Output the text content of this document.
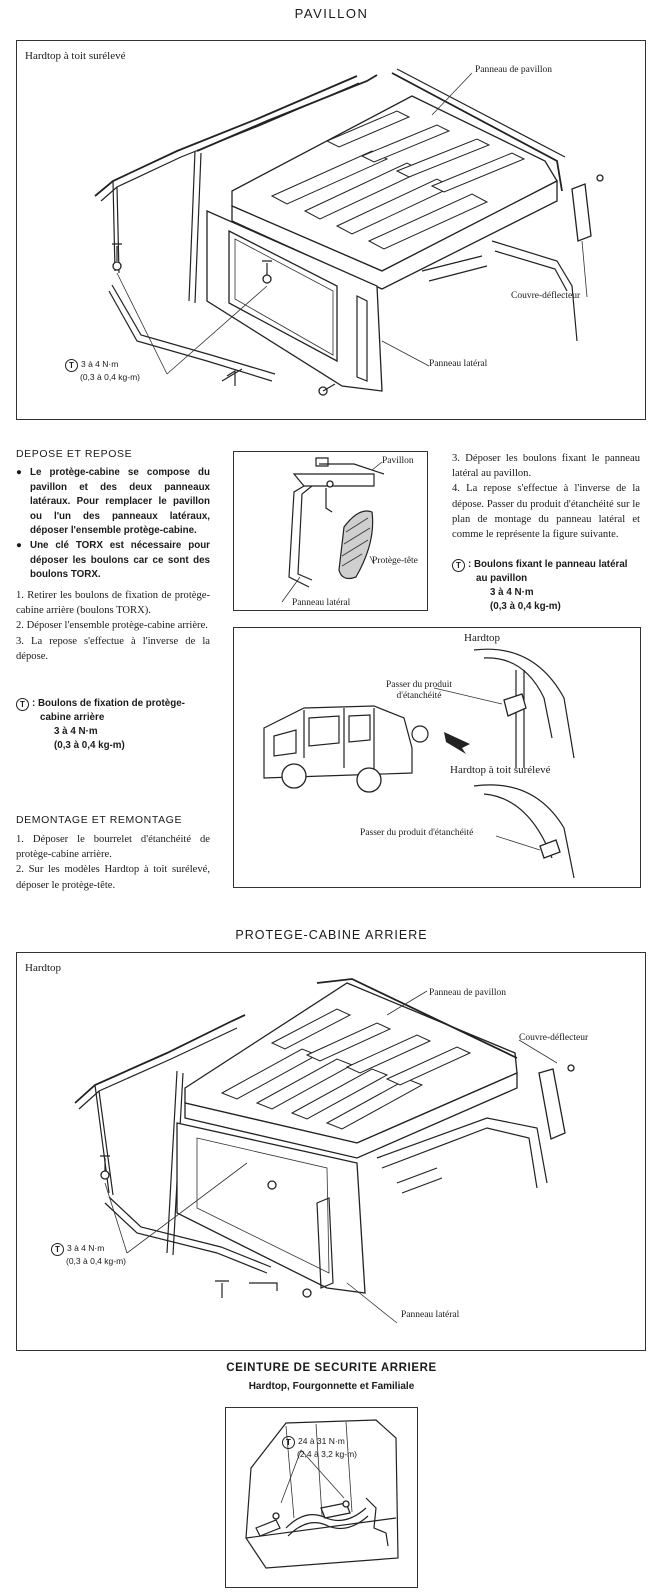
PAVILLON
Hardtop à toit surélevé
Panneau de pavillon
Couvre-déflecteur
Panneau latéral
T 3 à 4 N·m
(0,3 à 0,4 kg-m)
DEPOSE ET REPOSE
● Le protège-cabine se compose du pavillon et des deux panneaux latéraux. Pour remplacer le pavillon ou l'un des panneaux latéraux, déposer l'ensemble protège-cabine.
● Une clé TORX est nécessaire pour déposer les boulons car ce sont des boulons TORX.
1. Retirer les boulons de fixation de protège-cabine arrière (boulons TORX).
2. Déposer l'ensemble protège-cabine arrière.
3. La repose s'effectue à l'inverse de la dépose.
T : Boulons de fixation de protège-
cabine arrière
3 à 4 N·m
(0,3 à 0,4 kg-m)
DEMONTAGE ET REMONTAGE
1. Déposer le bourrelet d'étanchéité de protège-cabine arrière.
2. Sur les modèles Hardtop à toit surélevé, déposer le protège-tête.
Pavillon
Protège-tête
Panneau latéral
3. Déposer les boulons fixant le panneau latéral au pavillon.
4. La repose s'effectue à l'inverse de la dépose. Passer du produit d'étanchéité sur le plan de montage du panneau latéral et comme le représente la figure suivante.
T : Boulons fixant le panneau latéral
au pavillon
3 à 4 N·m
(0,3 à 0,4 kg-m)
Hardtop
Passer du produit
d'étanchéité
Hardtop à toit surélevé
Passer du produit d'étanchéité
PROTEGE-CABINE ARRIERE
Hardtop
Panneau de pavillon
Couvre-déflecteur
Panneau latéral
T 3 à 4 N·m
(0,3 à 0,4 kg-m)
CEINTURE DE SECURITE ARRIERE
Hardtop, Fourgonnette et Familiale
T 24 à 31 N·m
(2,4 à 3,2 kg-m)
